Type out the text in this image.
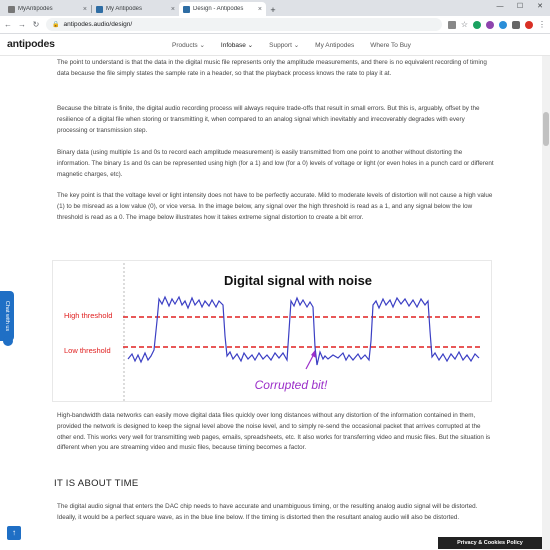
MyAntipodes	×	My Antipodes	×	Design - Antipodes	× +	—	☐	✕
← → ↻ 🔒 antipodes.audio/design/	☆	⋮
antipodes	Products ⌄ Infobase ⌄ Support ⌄ My Antipodes Where To Buy

The point to understand is that the data in the digital music file represents only the amplitude measurements, and there is no equivalent recording of timing data because the file simply states the sample rate in a header, so that the playback process knows the rate to play it at.

Because the bitrate is finite, the digital audio recording process will always require trade-offs that result in small errors. But this is, arguably, offset by the resilience of a digital file when storing or transmitting it, when compared to an analog signal which inevitably and irrecoverably degrades with every processing or transmission step.

Binary data (using multiple 1s and 0s to record each amplitude measurement) is easily transmitted from one point to another without distorting the information. The binary 1s and 0s can be represented using high (for a 1) and low (for a 0) levels of voltage or light (or even holes in a punch card or different magnetic charges, etc).

The key point is that the voltage level or light intensity does not have to be perfectly accurate. Mild to moderate levels of distortion will not cause a high value (1) to be misread as a low value (0), or vice versa. In the image below, any signal over the high threshold is read as a 1, and any signal below the low threshold is read as a 0. The image below illustrates how it takes extreme signal distortion to create a bit error.

High-bandwidth data networks can easily move digital data files quickly over long distances without any distortion of the information contained in them, provided the network is designed to keep the signal level above the noise level, and to simply re-send the occasional packet that arrives corrupted at the other end. This works very well for transmitting web pages, emails, spreadsheets, etc. It also works for transferring video and music files. But the situation is different when you are streaming video and music files, because timing becomes a factor.

IT IS ABOUT TIME

The digital audio signal that enters the DAC chip needs to have accurate and unambiguous timing, or the resulting analog audio signal will be distorted. Ideally, it would be a perfect square wave, as in the blue line below. If the timing is distorted then the resultant analog audio will also be distorted.

Digital signal with noise
High threshold
Low threshold
Corrupted bit!
Chat with us
↑
Privacy & Cookies Policy
